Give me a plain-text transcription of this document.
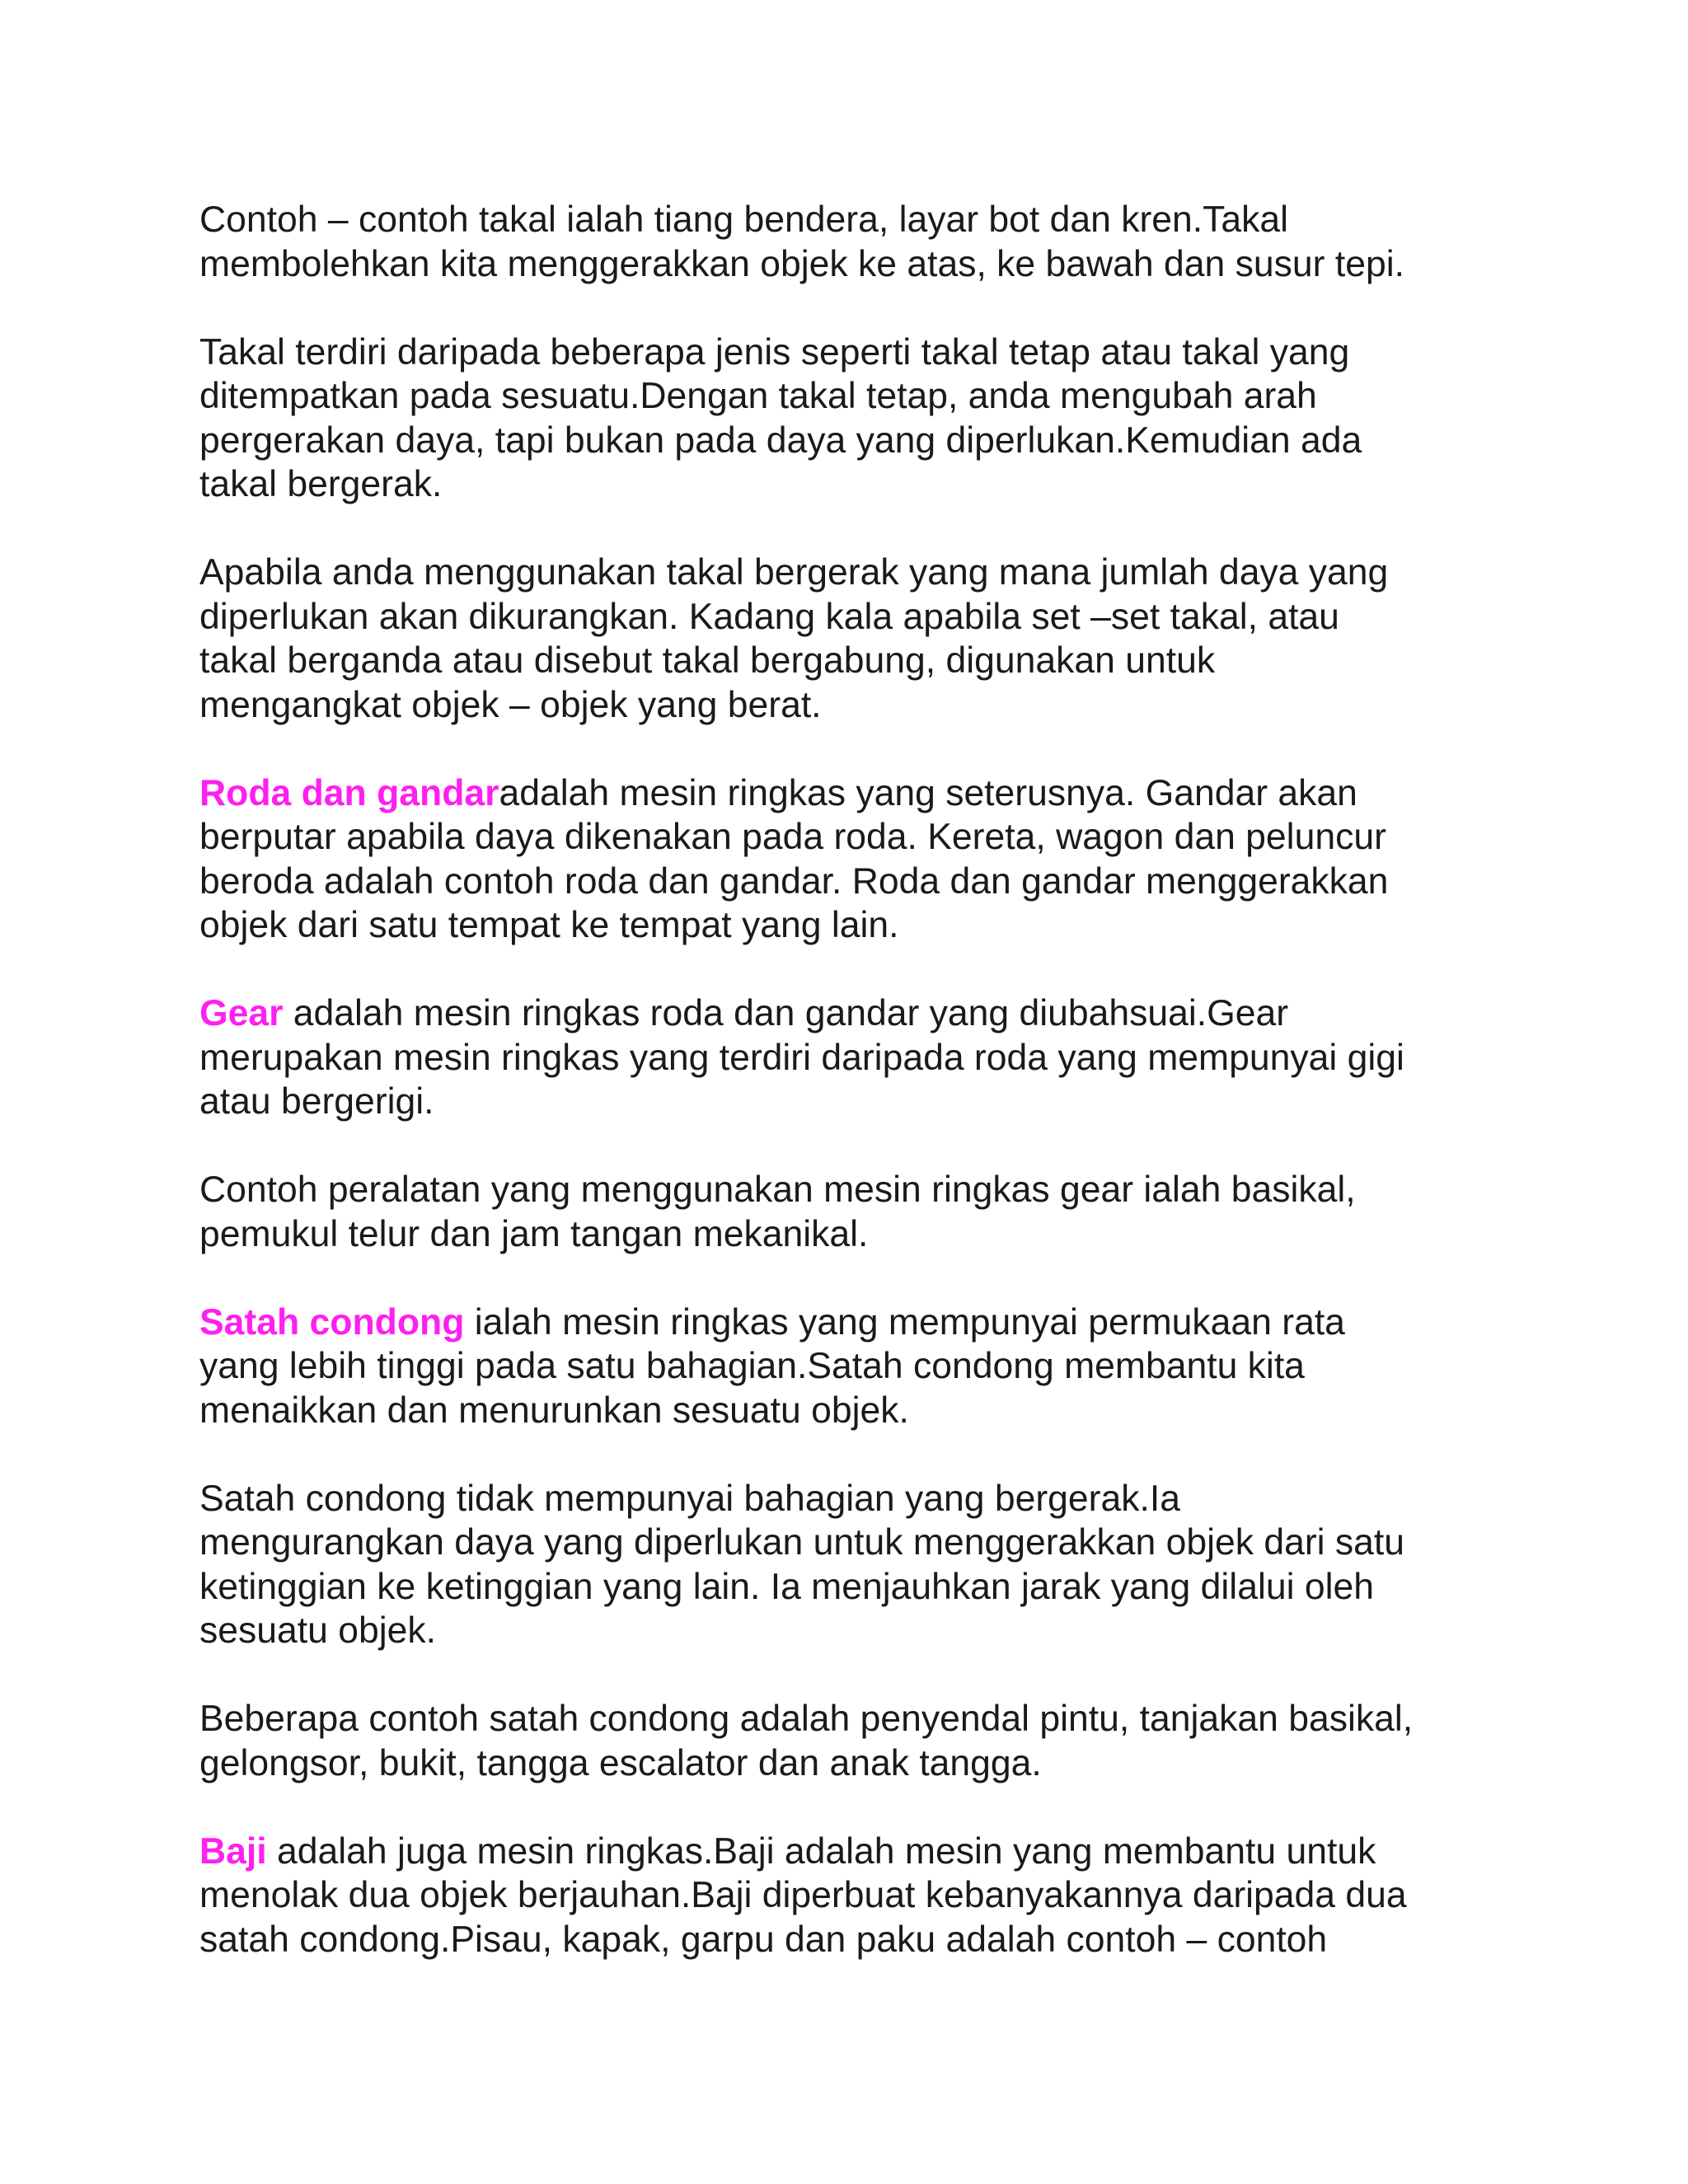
Contoh – contoh takal ialah tiang bendera, layar bot dan kren.Takal
membolehkan kita menggerakkan objek ke atas, ke bawah dan susur tepi.

Takal terdiri daripada beberapa jenis seperti takal tetap atau takal yang
ditempatkan pada sesuatu.Dengan takal tetap, anda mengubah arah
pergerakan daya, tapi bukan pada daya yang diperlukan.Kemudian ada
takal bergerak.

Apabila anda menggunakan takal bergerak yang mana jumlah daya yang
diperlukan akan dikurangkan. Kadang kala apabila set –set takal, atau
takal berganda atau disebut takal bergabung, digunakan untuk
mengangkat objek – objek yang berat.

Roda dan gandaradalah mesin ringkas yang seterusnya. Gandar akan
berputar apabila daya dikenakan pada roda. Kereta, wagon dan peluncur
beroda adalah contoh roda dan gandar. Roda dan gandar menggerakkan
objek dari satu tempat ke tempat yang lain.

Gear adalah mesin ringkas roda dan gandar yang diubahsuai.Gear
merupakan mesin ringkas yang terdiri daripada roda yang mempunyai gigi
atau bergerigi.

Contoh peralatan yang menggunakan mesin ringkas gear ialah basikal,
pemukul telur dan jam tangan mekanikal.

Satah condong ialah mesin ringkas yang mempunyai permukaan rata
yang lebih tinggi pada satu bahagian.Satah condong membantu kita
menaikkan dan menurunkan sesuatu objek.

Satah condong tidak mempunyai bahagian yang bergerak.Ia
mengurangkan daya yang diperlukan untuk menggerakkan objek dari satu
ketinggian ke ketinggian yang lain. Ia menjauhkan jarak yang dilalui oleh
sesuatu objek.

Beberapa contoh satah condong adalah penyendal pintu, tanjakan basikal,
gelongsor, bukit, tangga escalator dan anak tangga.

Baji adalah juga mesin ringkas.Baji adalah mesin yang membantu untuk
menolak dua objek berjauhan.Baji diperbuat kebanyakannya daripada dua
satah condong.Pisau, kapak, garpu dan paku adalah contoh – contoh
